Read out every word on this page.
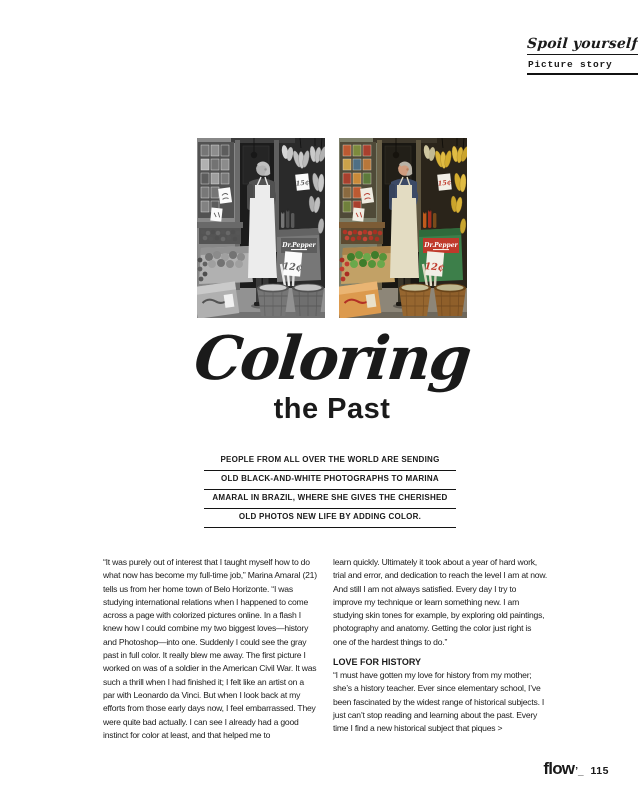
Spoil yourself
Picture story
Coloring
the Past
PEOPLE FROM ALL OVER THE WORLD ARE SENDING
OLD BLACK-AND-WHITE PHOTOGRAPHS TO MARINA
AMARAL IN BRAZIL, WHERE SHE GIVES THE CHERISHED
OLD PHOTOS NEW LIFE BY ADDING COLOR.

“It was purely out of interest that I taught myself how to do what now has become my full-time job,” Marina Amaral (21) tells us from her home town of Belo Horizonte. “I was studying international relations when I happened to come across a page with colorized pictures online. In a flash I knew how I could combine my two biggest loves—history and Photoshop—into one. Suddenly I could see the gray past in full color. It really blew me away. The first picture I worked on was of a soldier in the American Civil War. It was such a thrill when I had finished it; I felt like an artist on a par with Leonardo da Vinci. But when I look back at my efforts from those early days now, I feel embarrassed. They were quite bad actually. I can see I already had a good instinct for color at least, and that helped me to

learn quickly. Ultimately it took about a year of hard work, trial and error, and dedication to reach the level I am at now. And still I am not always satisfied. Every day I try to improve my technique or learn something new. I am studying skin tones for example, by exploring old paintings, photography and anatomy. Getting the color just right is one of the hardest things to do.”

LOVE FOR HISTORY

“I must have gotten my love for history from my mother; she’s a history teacher. Ever since elementary school, I’ve been fascinated by the widest range of historical subjects. I just can’t stop reading and learning about the past. Every time I find a new historical subject that piques >

flow ’_ 115
